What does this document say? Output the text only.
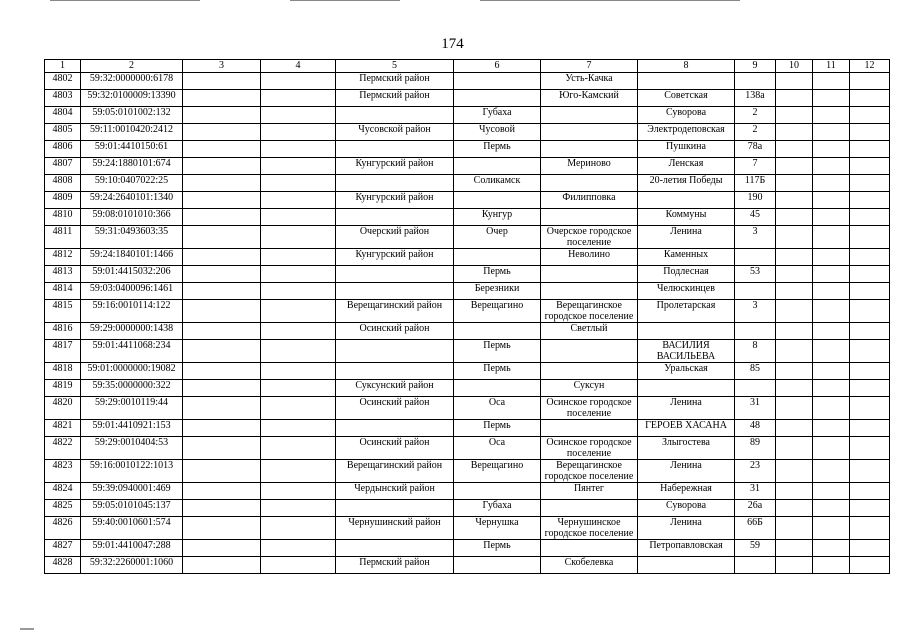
174
1	2	3	4	5	6	7	8	9	10	11	12
4802	59:32:0000000:6178			Пермский район		Усть-Качка					
4803	59:32:0100009:13390			Пермский район		Юго-Камский	Советская	138а			
4804	59:05:0101002:132				Губаха		Суворова	2			
4805	59:11:0010420:2412			Чусовской район	Чусовой		Электродеповская	2			
4806	59:01:4410150:61				Пермь		Пушкина	78а			
4807	59:24:1880101:674			Кунгурский район		Мериново	Ленская	7			
4808	59:10:0407022:25				Соликамск		20-летия Победы	117Б			
4809	59:24:2640101:1340			Кунгурский район		Филипповка		190			
4810	59:08:0101010:366				Кунгур		Коммуны	45			
4811	59:31:0493603:35			Очерский район	Очер	Очерское городское поселение	Ленина	3			
4812	59:24:1840101:1466			Кунгурский район		Неволино	Каменных				
4813	59:01:4415032:206				Пермь		Подлесная	53			
4814	59:03:0400096:1461				Березники		Челюскинцев				
4815	59:16:0010114:122			Верещагинский район	Верещагино	Верещагинское городское поселение	Пролетарская	3			
4816	59:29:0000000:1438			Осинский район		Светлый					
4817	59:01:4411068:234				Пермь		ВАСИЛИЯ ВАСИЛЬЕВА	8			
4818	59:01:0000000:19082				Пермь		Уральская	85			
4819	59:35:0000000:322			Суксунский район		Суксун					
4820	59:29:0010119:44			Осинский район	Оса	Осинское городское поселение	Ленина	31			
4821	59:01:4410921:153				Пермь		ГЕРОЕВ ХАСАНА	48			
4822	59:29:0010404:53			Осинский район	Оса	Осинское городское поселение	Злыгостева	89			
4823	59:16:0010122:1013			Верещагинский район	Верещагино	Верещагинское городское поселение	Ленина	23			
4824	59:39:0940001:469			Чердынский район		Пянтег	Набережная	31			
4825	59:05:0101045:137				Губаха		Суворова	26а			
4826	59:40:0010601:574			Чернушинский район	Чернушка	Чернушинское городское поселение	Ленина	66Б			
4827	59:01:4410047:288				Пермь		Петропавловская	59			
4828	59:32:2260001:1060			Пермский район		Скобелевка					
